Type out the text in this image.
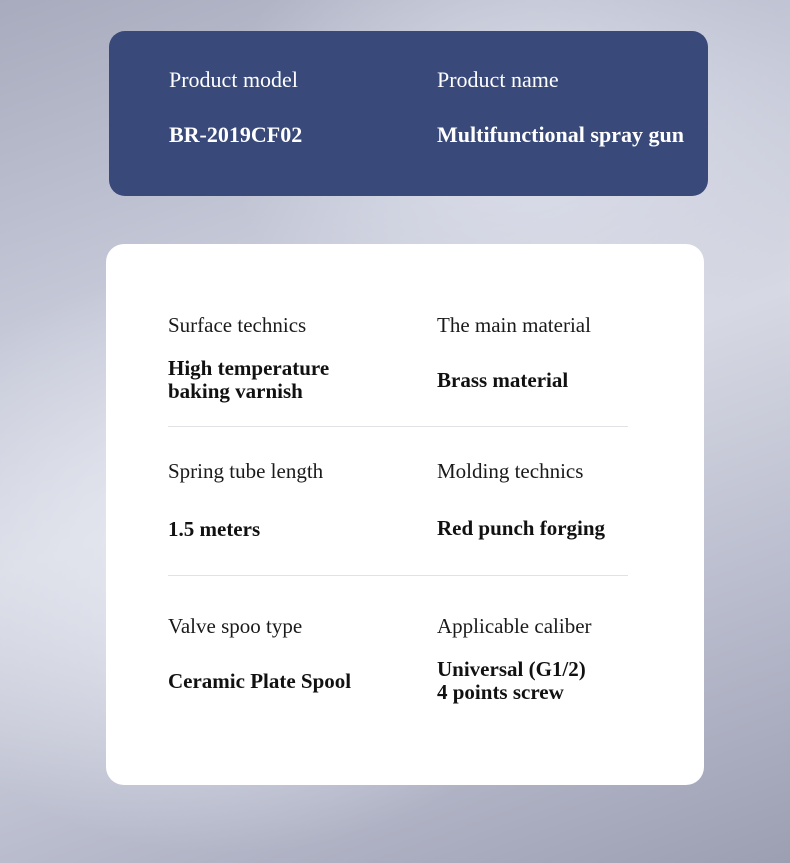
Product model
BR-2019CF02
Product name
Multifunctional spray gun
Surface technics
High temperature
baking varnish
The main material
Brass material
Spring tube length
1.5 meters
Molding technics
Red punch forging
Valve spoo type
Ceramic Plate Spool
Applicable caliber
Universal (G1/2)
4 points screw
